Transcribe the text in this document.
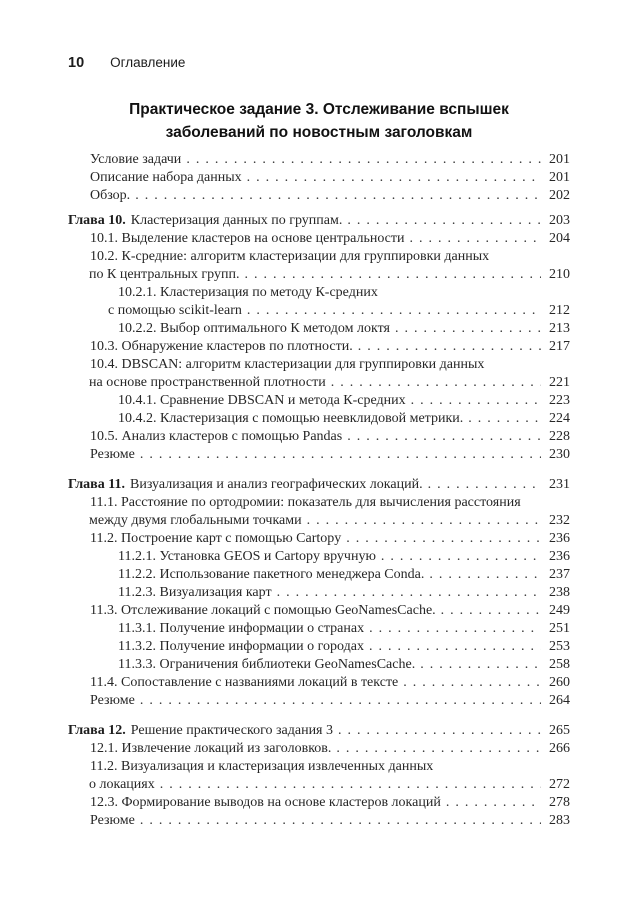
10 Оглавление
Практическое задание 3. Отслеживание вспышек
заболеваний по новостным заголовкам
Условие задачи .....	201
Описание набора данных .....	201
Обзор. .....	202
Глава 10. Кластеризация данных по группам. .....	203
10.1. Выделение кластеров на основе центральности .....	204
10.2. К-средние: алгоритм кластеризации для группировки данных
по К центральных групп. .....	210
10.2.1. Кластеризация по методу К-средних
с помощью scikit-learn .....	212
10.2.2. Выбор оптимального К методом локтя .....	213
10.3. Обнаружение кластеров по плотности. .....	217
10.4. DBSCAN: алгоритм кластеризации для группировки данных
на основе пространственной плотности .....	221
10.4.1. Сравнение DBSCAN и метода К-средних .....	223
10.4.2. Кластеризация с помощью неевклидовой метрики. .....	224
10.5. Анализ кластеров с помощью Pandas .....	228
Резюме .....	230
Глава 11. Визуализация и анализ географических локаций. .....	231
11.1. Расстояние по ортодромии: показатель для вычисления расстояния
между двумя глобальными точками .....	232
11.2. Построение карт с помощью Cartopy .....	236
11.2.1. Установка GEOS и Cartopy вручную .....	236
11.2.2. Использование пакетного менеджера Conda. .....	237
11.2.3. Визуализация карт .....	238
11.3. Отслеживание локаций с помощью GeoNamesCache. .....	249
11.3.1. Получение информации о странах .....	251
11.3.2. Получение информации о городах .....	253
11.3.3. Ограничения библиотеки GeoNamesCache. .....	258
11.4. Сопоставление с названиями локаций в тексте .....	260
Резюме .....	264
Глава 12. Решение практического задания 3 .....	265
12.1. Извлечение локаций из заголовков. .....	266
11.2. Визуализация и кластеризация извлеченных данных
о локациях .....	272
12.3. Формирование выводов на основе кластеров локаций .....	278
Резюме .....	283
